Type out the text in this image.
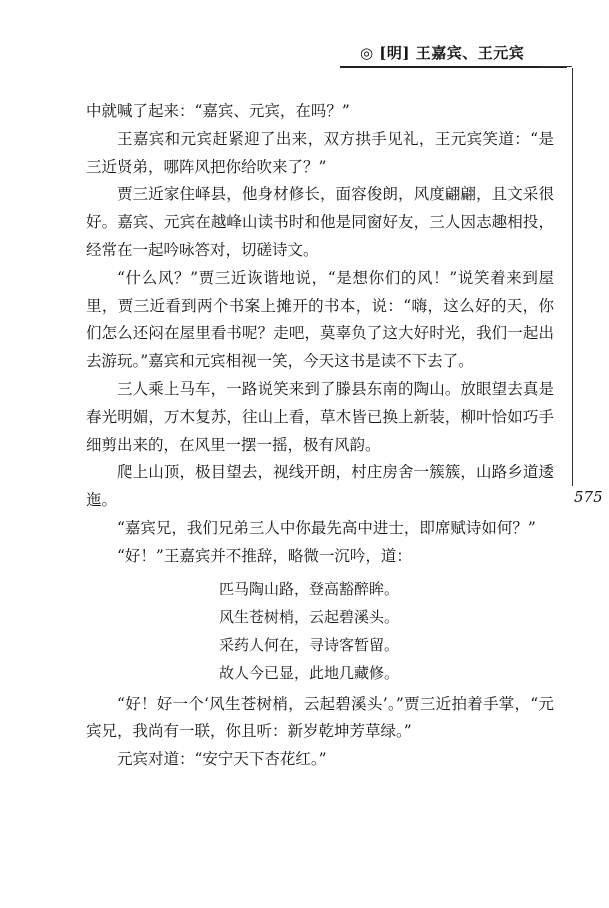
◎ [明] 王嘉宾、王元宾
575

中就喊了起来：“嘉宾、元宾，在吗？”

王嘉宾和元宾赶紧迎了出来，双方拱手见礼，王元宾笑道：“是三近贤弟，哪阵风把你给吹来了？”

贾三近家住峄县，他身材修长，面容俊朗，风度翩翩，且文采很好。嘉宾、元宾在越峰山读书时和他是同窗好友，三人因志趣相投，经常在一起吟咏答对，切磋诗文。

“什么风？”贾三近诙谐地说，“是想你们的风！”说笑着来到屋里，贾三近看到两个书案上摊开的书本，说：“嗨，这么好的天，你们怎么还闷在屋里看书呢？走吧，莫辜负了这大好时光，我们一起出去游玩。”嘉宾和元宾相视一笑，今天这书是读不下去了。

三人乘上马车，一路说笑来到了滕县东南的陶山。放眼望去真是春光明媚，万木复苏，往山上看，草木皆已换上新装，柳叶恰如巧手细剪出来的，在风里一摆一摇，极有风韵。

爬上山顶，极目望去，视线开朗，村庄房舍一簇簇，山路乡道逶迤。

“嘉宾兄，我们兄弟三人中你最先高中进士，即席赋诗如何？”

“好！”王嘉宾并不推辞，略微一沉吟，道：

匹马陶山路，登高豁醉眸。
风生苍树梢，云起碧溪头。
采药人何在，寻诗客暂留。
故人今已显，此地几藏修。

“好！好一个‘风生苍树梢，云起碧溪头’。”贾三近拍着手掌，“元宾兄，我尚有一联，你且听：新岁乾坤芳草绿。”

元宾对道：“安宁天下杏花红。”
